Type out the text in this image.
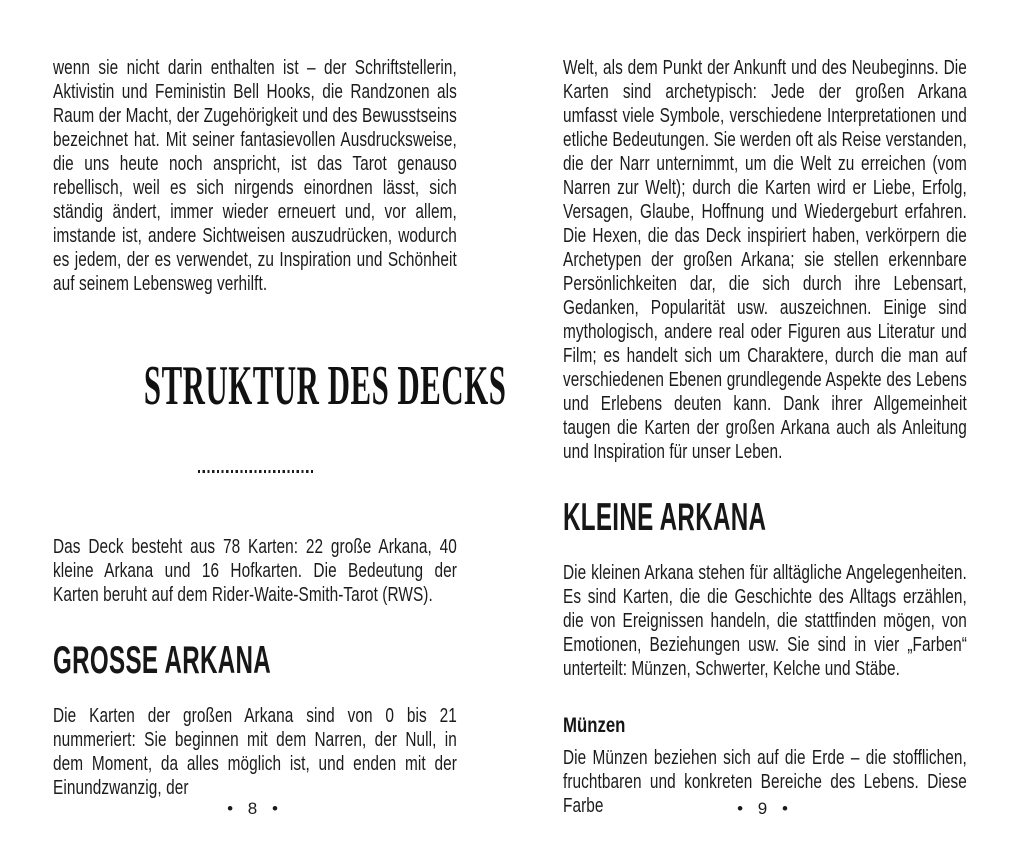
wenn sie nicht darin enthalten ist – der Schriftstellerin, Aktivistin und Feministin Bell Hooks, die Randzonen als Raum der Macht, der Zugehörigkeit und des Bewusstseins bezeichnet hat. Mit seiner fantasievollen Ausdrucksweise, die uns heute noch anspricht, ist das Tarot genauso rebellisch, weil es sich nirgends einordnen lässt, sich ständig ändert, immer wieder erneuert und, vor allem, imstande ist, andere Sichtweisen auszudrücken, wodurch es jedem, der es verwendet, zu Inspiration und Schönheit auf seinem Lebensweg verhilft.

STRUKTUR DES DECKS

Das Deck besteht aus 78 Karten: 22 große Arkana, 40 kleine Arkana und 16 Hofkarten. Die Bedeutung der Karten beruht auf dem Rider-Waite-Smith-Tarot (RWS).

GROSSE ARKANA

Die Karten der großen Arkana sind von 0 bis 21 nummeriert: Sie beginnen mit dem Narren, der Null, in dem Moment, da alles möglich ist, und enden mit der Einundzwanzig, der

• 8 •

Welt, als dem Punkt der Ankunft und des Neubeginns. Die Karten sind archetypisch: Jede der großen Arkana umfasst viele Symbole, verschiedene Interpretationen und etliche Bedeutungen. Sie werden oft als Reise verstanden, die der Narr unternimmt, um die Welt zu erreichen (vom Narren zur Welt); durch die Karten wird er Liebe, Erfolg, Versagen, Glaube, Hoffnung und Wiedergeburt erfahren. Die Hexen, die das Deck inspiriert haben, verkörpern die Archetypen der großen Arkana; sie stellen erkennbare Persönlichkeiten dar, die sich durch ihre Lebensart, Gedanken, Popularität usw. auszeichnen. Einige sind mythologisch, andere real oder Figuren aus Literatur und Film; es handelt sich um Charaktere, durch die man auf verschiedenen Ebenen grundlegende Aspekte des Lebens und Erlebens deuten kann. Dank ihrer Allgemeinheit taugen die Karten der großen Arkana auch als Anleitung und Inspiration für unser Leben.

KLEINE ARKANA

Die kleinen Arkana stehen für alltägliche Angelegenheiten. Es sind Karten, die die Geschichte des Alltags erzählen, die von Ereignissen handeln, die stattfinden mögen, von Emotionen, Beziehungen usw. Sie sind in vier „Farben“ unterteilt: Münzen, Schwerter, Kelche und Stäbe.

Münzen

Die Münzen beziehen sich auf die Erde – die stofflichen, fruchtbaren und konkreten Bereiche des Lebens. Diese Farbe	• 9 •
